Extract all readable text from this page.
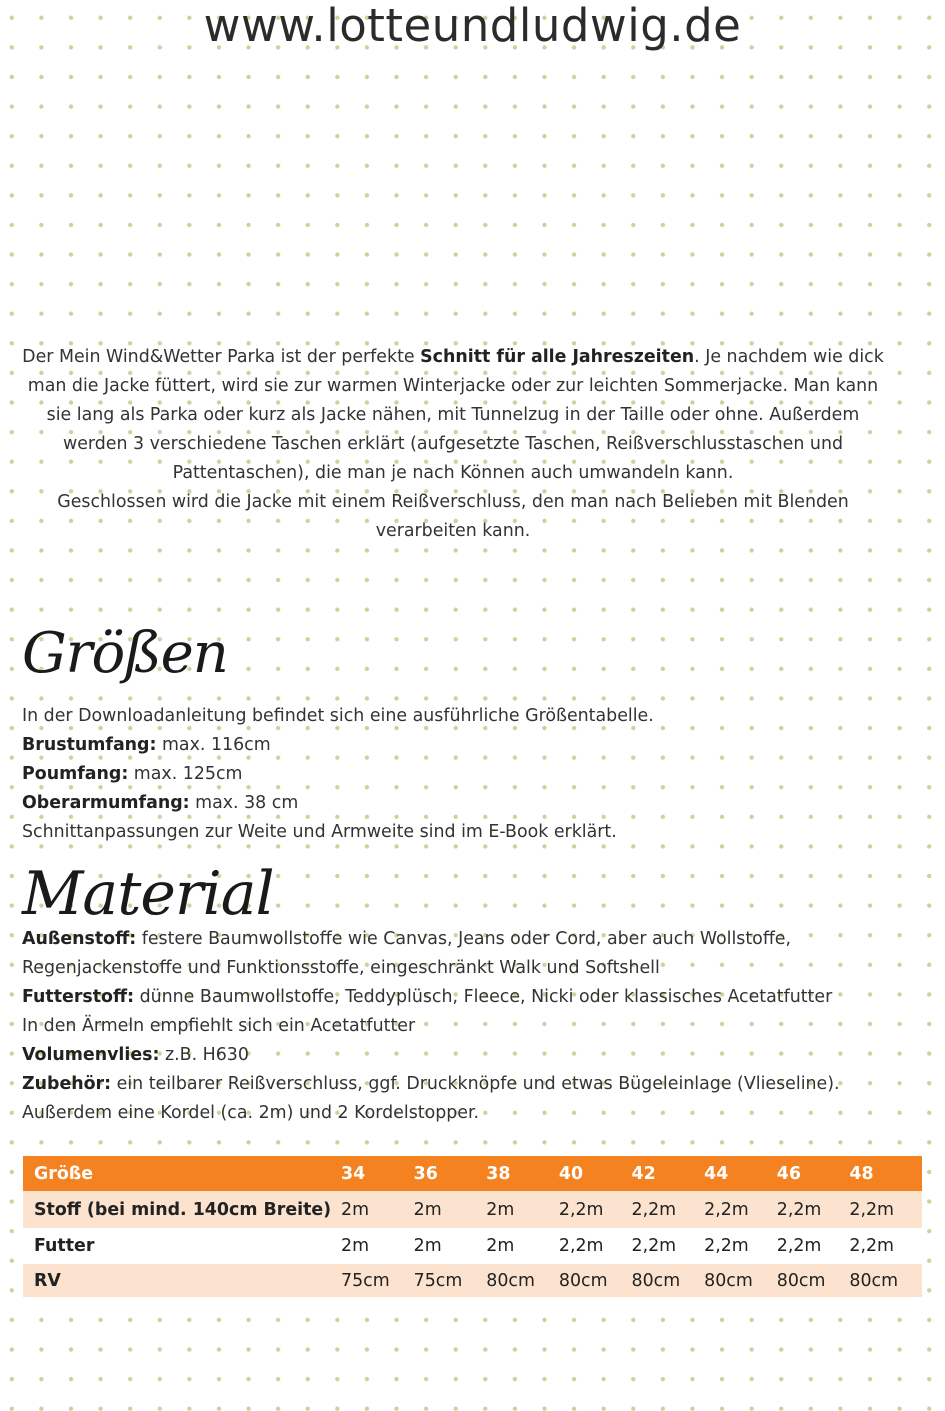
www.lotteundludwig.de

Der Mein Wind&Wetter Parka ist der perfekte Schnitt für alle Jahreszeiten. Je nachdem wie dick man die Jacke füttert, wird sie zur warmen Winterjacke oder zur leichten Sommerjacke. Man kann sie lang als Parka oder kurz als Jacke nähen, mit Tunnelzug in der Taille oder ohne. Außerdem werden 3 verschiedene Taschen erklärt (aufgesetzte Taschen, Reißverschlusstaschen und Pattentaschen), die man je nach Können auch umwandeln kann.

Geschlossen wird die Jacke mit einem Reißverschluss, den man nach Belieben mit Blenden verarbeiten kann.

Größen

In der Downloadanleitung befindet sich eine ausführliche Größentabelle.

Brustumfang: max. 116cm

Poumfang: max. 125cm

Oberarmumfang: max. 38 cm

Schnittanpassungen zur Weite und Armweite sind im E-Book erklärt.

Material

Außenstoff: festere Baumwollstoffe wie Canvas, Jeans oder Cord, aber auch Wollstoffe, Regenjackenstoffe und Funktionsstoffe, eingeschränkt Walk und Softshell

Futterstoff: dünne Baumwollstoffe, Teddyplüsch, Fleece, Nicki oder klassisches Acetatfutter

In den Ärmeln empfiehlt sich ein Acetatfutter

Volumenvlies: z.B. H630

Zubehör: ein teilbarer Reißverschluss, ggf. Druckknöpfe und etwas Bügeleinlage (Vlieseline). Außerdem eine Kordel (ca. 2m) und 2 Kordelstopper.

Größe	34	36	38	40	42	44	46	48
Stoff (bei mind. 140cm Breite)	2m	2m	2m	2,2m	2,2m	2,2m	2,2m	2,2m
Futter	2m	2m	2m	2,2m	2,2m	2,2m	2,2m	2,2m
RV	75cm	75cm	80cm	80cm	80cm	80cm	80cm	80cm
